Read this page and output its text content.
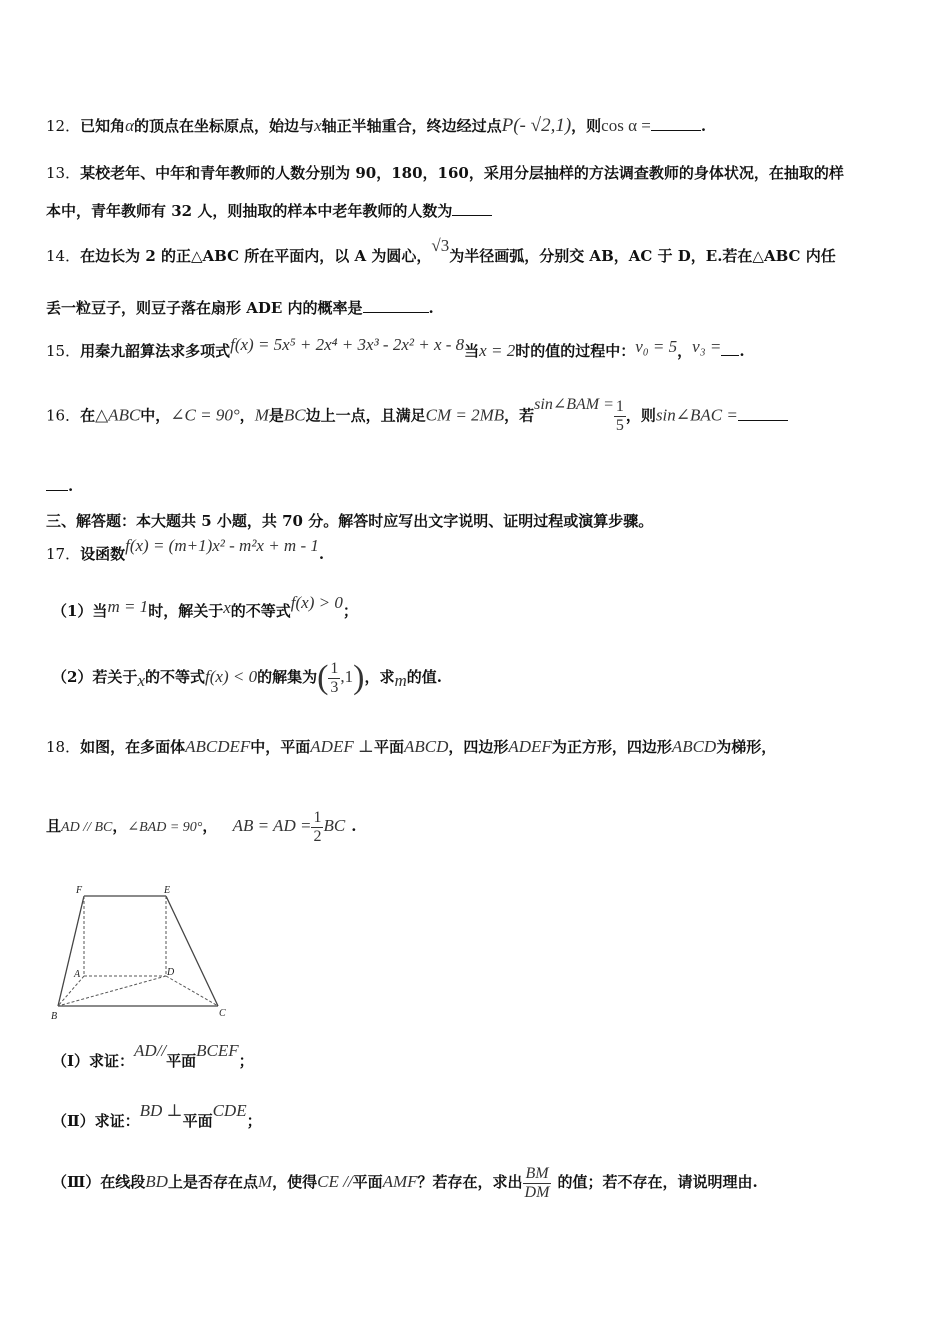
12．已知角α的顶点在坐标原点，始边与x轴正半轴重合，终边经过点P(- √2,1)，则cos α =	.
13．某校老年、中年和青年教师的人数分别为 90，180，160，采用分层抽样的方法调查教师的身体状况，在抽取的样
本中，青年教师有 32 人，则抽取的样本中老年教师的人数为
14．在边长为 2 的正△ABC 所在平面内，以 A 为圆心，√3为半径画弧，分别交 AB，AC 于 D，E.若在△ABC 内任
丢一粒豆子，则豆子落在扇形 ADE 内的概率是	.
15．用秦九韶算法求多项式f(x) = 5x⁵ + 2x⁴ + 3x³ - 2x² + x - 8当x = 2时的值的过程中：v₀ = 5，v₃ = .
16．在△ABC中，∠C = 90°，M是BC边上一点，且满足CM = 2MB，若sin∠BAM = $\frac{1}{5}$ ，则sin∠BAC =
.
三、解答题：本大题共 5 小题，共 70 分。解答时应写出文字说明、证明过程或演算步骤。
17．设函数f(x) = (m+1)x² - m²x + m - 1.
（1）当m = 1时，解关于x的不等式f(x) > 0；
（2）若关于x的不等式f(x) < 0的解集为( $\frac{1}{3} ,1$)，求m的值.
18．如图，在多面体ABCDEF中，平面ADEF ⊥平面ABCD，四边形ADEF为正方形，四边形ABCD为梯形，
且AD // BC，∠BAD = 90°， AB = AD = $\frac{1}{2}$ BC .
F	E
A	D
B	C
（Ⅰ）求证：AD//平面BCEF；
（Ⅱ）求证：BD ⊥平面CDE；
（Ⅲ）在线段BD上是否存在点M，使得CE //平面AMF？若存在，求出 $\frac{BM}{DM}$ 的值；若不存在，请说明理由.
